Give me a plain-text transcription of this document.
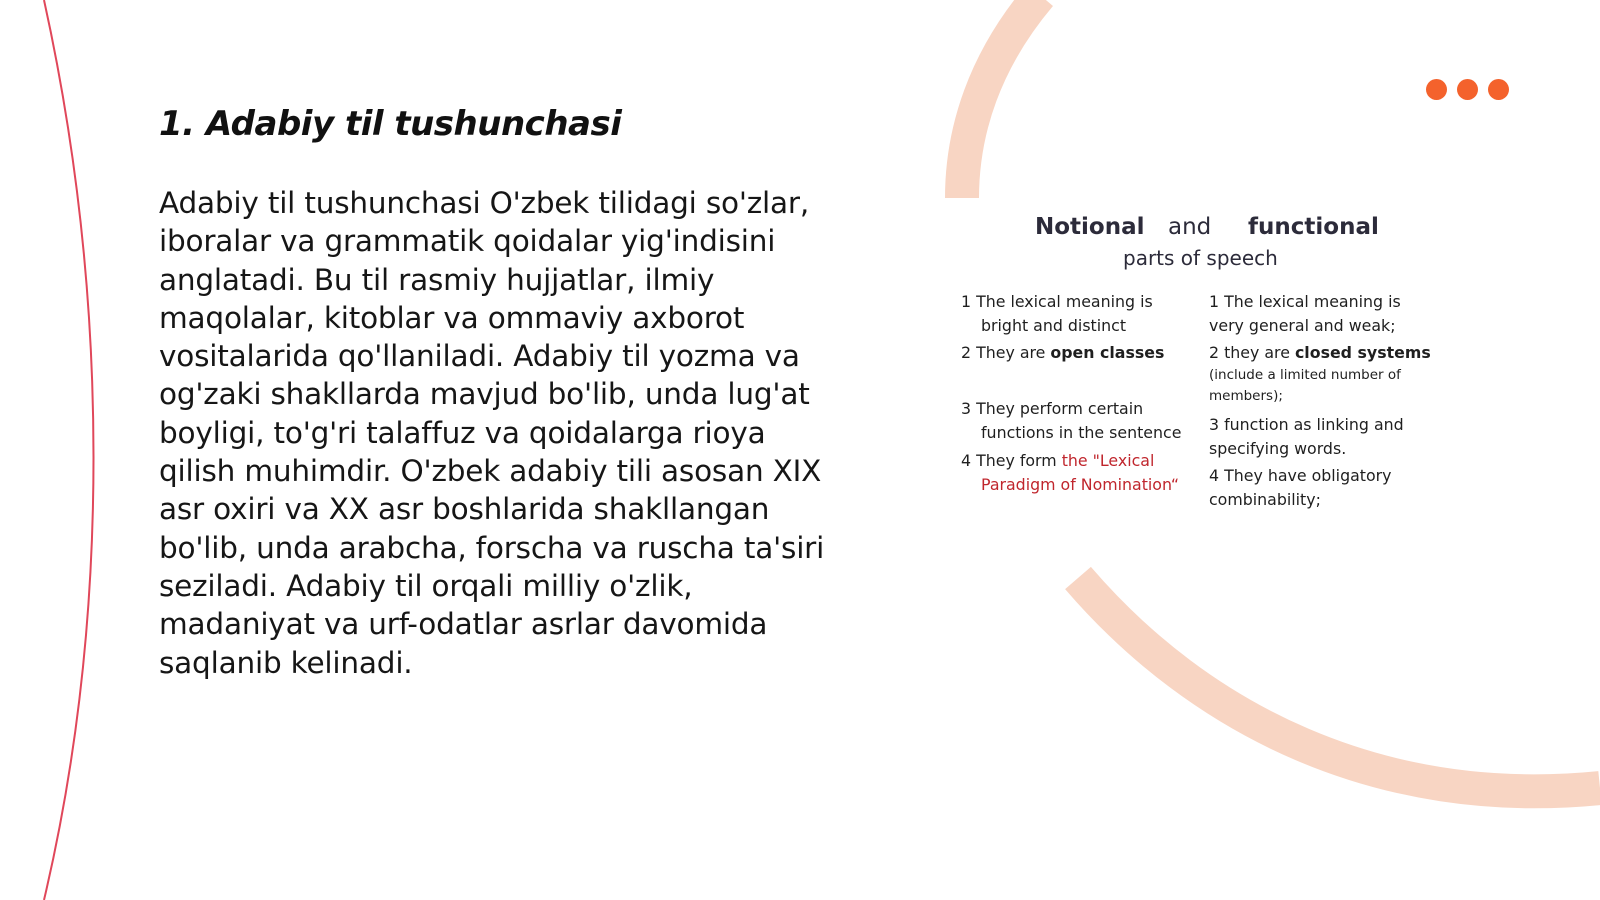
1. Adabiy til tushunchasi

Adabiy til tushunchasi O'zbek tilidagi so'zlar, iboralar va grammatik qoidalar yig'indisini anglatadi. Bu til rasmiy hujjatlar, ilmiy maqolalar, kitoblar va ommaviy axborot vositalarida qo'llaniladi. Adabiy til yozma va og'zaki shakllarda mavjud bo'lib, unda lug'at boyligi, to'g'ri talaffuz va qoidalarga rioya qilish muhimdir. O'zbek adabiy tili asosan XIX asr oxiri va XX asr boshlarida shakllangan bo'lib, unda arabcha, forscha va ruscha ta'siri seziladi. Adabiy til orqali milliy o'zlik, madaniyat va urf-odatlar asrlar davomida saqlanib kelinadi.

Notional and functional
parts of speech
1 The lexical meaning is
bright and distinct
2 They are open classes
3 They perform certain
functions in the sentence
4 They form the "Lexical
Paradigm of Nomination“
1 The lexical meaning is
very general and weak;
2 they are closed systems
(include a limited number of
members);
3 function as linking and
specifying words.
4 They have obligatory
combinability;
